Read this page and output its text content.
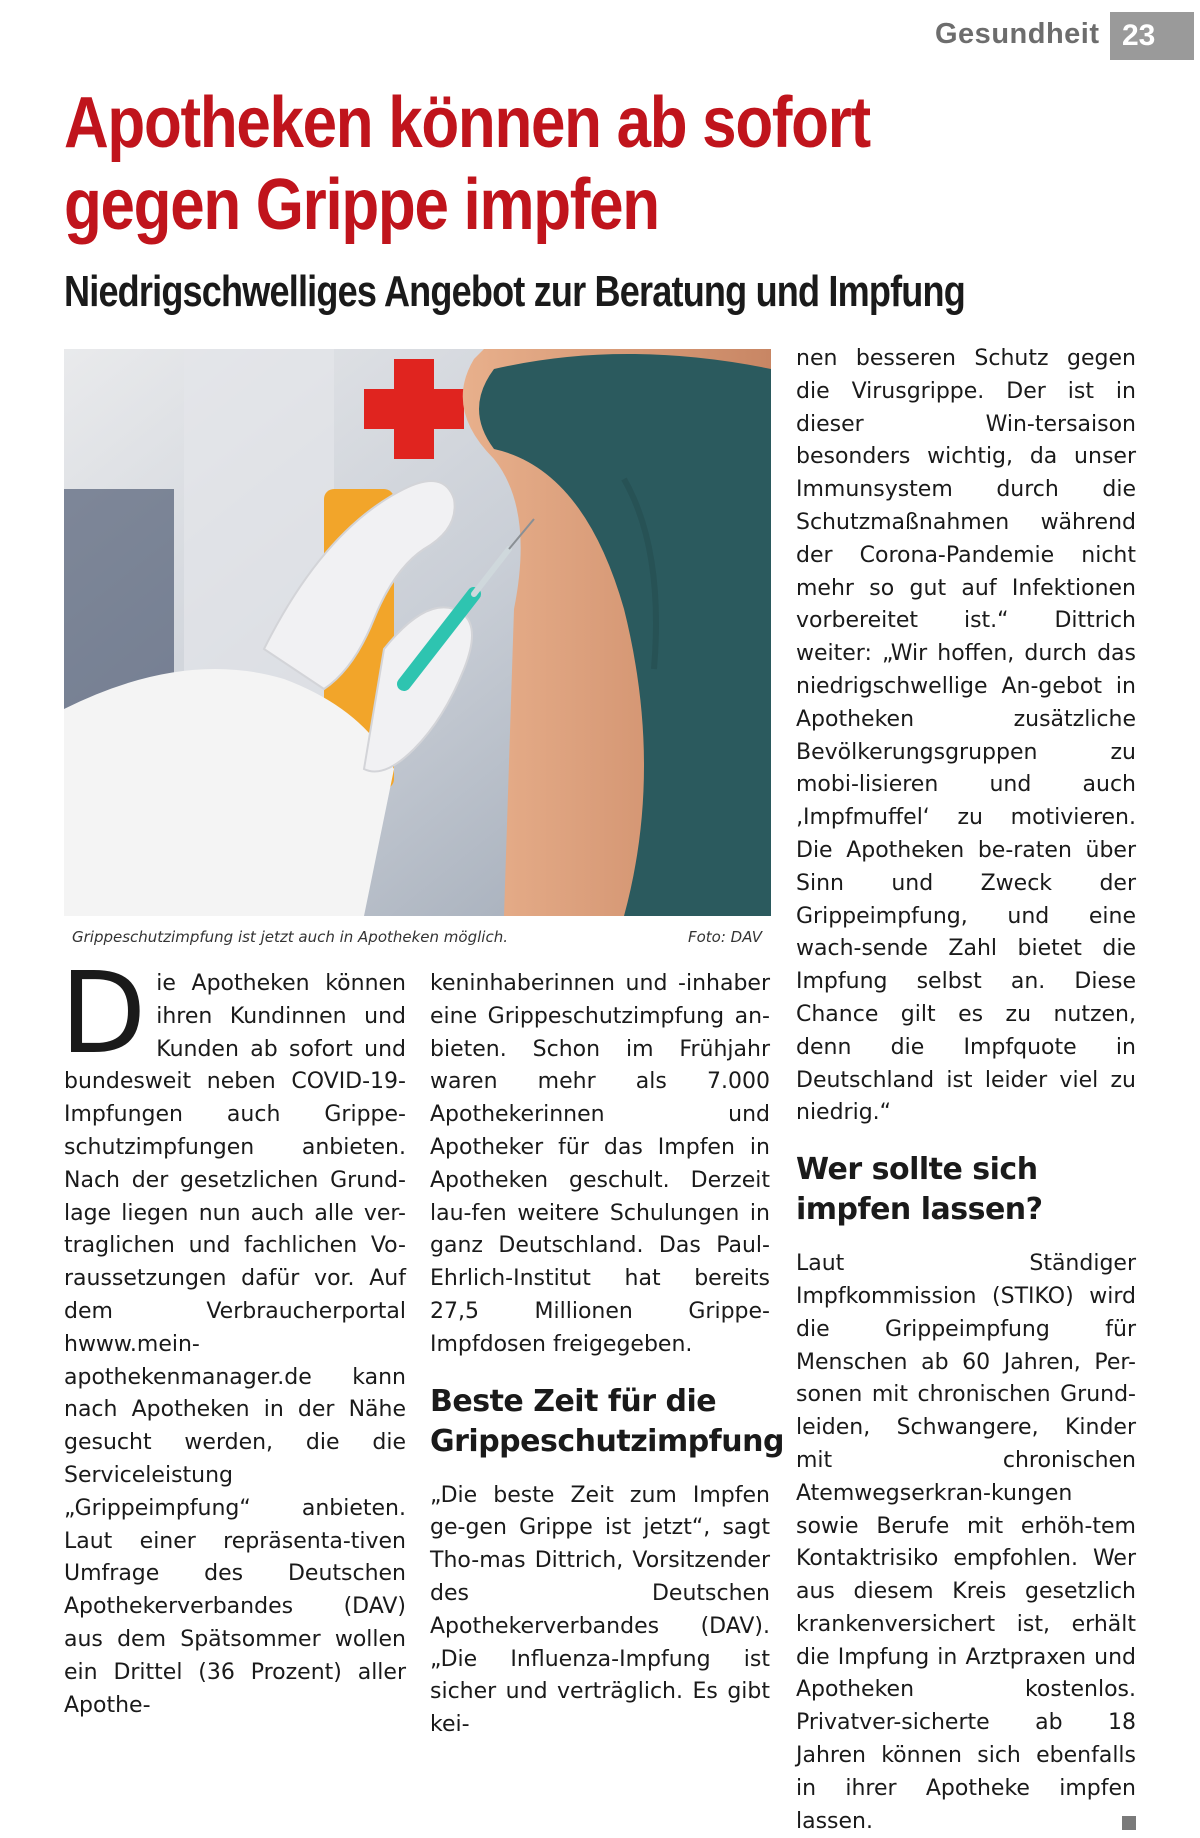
Gesundheit 23
Apotheken können ab sofort
gegen Grippe impfen
Niedrigschwelliges Angebot zur Beratung und Impfung
Grippeschutzimpfung ist jetzt auch in Apotheken möglich.	Foto: DAV

Die Apotheken können ihren Kundinnen und Kunden ab sofort und bundesweit neben COVID-19-Impfungen auch Grippe-schutzimpfungen anbieten. Nach der gesetzlichen Grund-lage liegen nun auch alle ver-traglichen und fachlichen Vo-raussetzungen dafür vor. Auf dem Verbraucherportal hwww.mein-apothekenmanager.de kann nach Apotheken in der Nähe gesucht werden, die die Serviceleistung „Grippeimpfung“ anbieten. Laut einer repräsenta-tiven Umfrage des Deutschen Apothekerverbandes (DAV) aus dem Spätsommer wollen ein Drittel (36 Prozent) aller Apothe-

keninhaberinnen und -inhaber eine Grippeschutzimpfung an-bieten. Schon im Frühjahr waren mehr als 7.000 Apothekerinnen und Apotheker für das Impfen in Apotheken geschult. Derzeit lau-fen weitere Schulungen in ganz Deutschland. Das Paul-Ehrlich-Institut hat bereits 27,5 Millionen Grippe-Impfdosen freigegeben.

Beste Zeit für die Grippeschutzimpfung

„Die beste Zeit zum Impfen ge-gen Grippe ist jetzt“, sagt Tho-mas Dittrich, Vorsitzender des Deutschen Apothekerverbandes (DAV). „Die Influenza-Impfung ist sicher und verträglich. Es gibt kei-

nen besseren Schutz gegen die Virusgrippe. Der ist in dieser Win-tersaison besonders wichtig, da unser Immunsystem durch die Schutzmaßnahmen während der Corona-Pandemie nicht mehr so gut auf Infektionen vorbereitet ist.“ Dittrich weiter: „Wir hoffen, durch das niedrigschwellige An-gebot in Apotheken zusätzliche Bevölkerungsgruppen zu mobi-lisieren und auch ‚Impfmuffel‘ zu motivieren. Die Apotheken be-raten über Sinn und Zweck der Grippeimpfung, und eine wach-sende Zahl bietet die Impfung selbst an. Diese Chance gilt es zu nutzen, denn die Impfquote in Deutschland ist leider viel zu niedrig.“

Wer sollte sich impfen lassen?

Laut Ständiger Impfkommission (STIKO) wird die Grippeimpfung für Menschen ab 60 Jahren, Per-sonen mit chronischen Grund-leiden, Schwangere, Kinder mit chronischen Atemwegserkran-kungen sowie Berufe mit erhöh-tem Kontaktrisiko empfohlen. Wer aus diesem Kreis gesetzlich krankenversichert ist, erhält die Impfung in Arztpraxen und Apotheken kostenlos. Privatver-sicherte ab 18 Jahren können sich ebenfalls in ihrer Apotheke impfen lassen.
